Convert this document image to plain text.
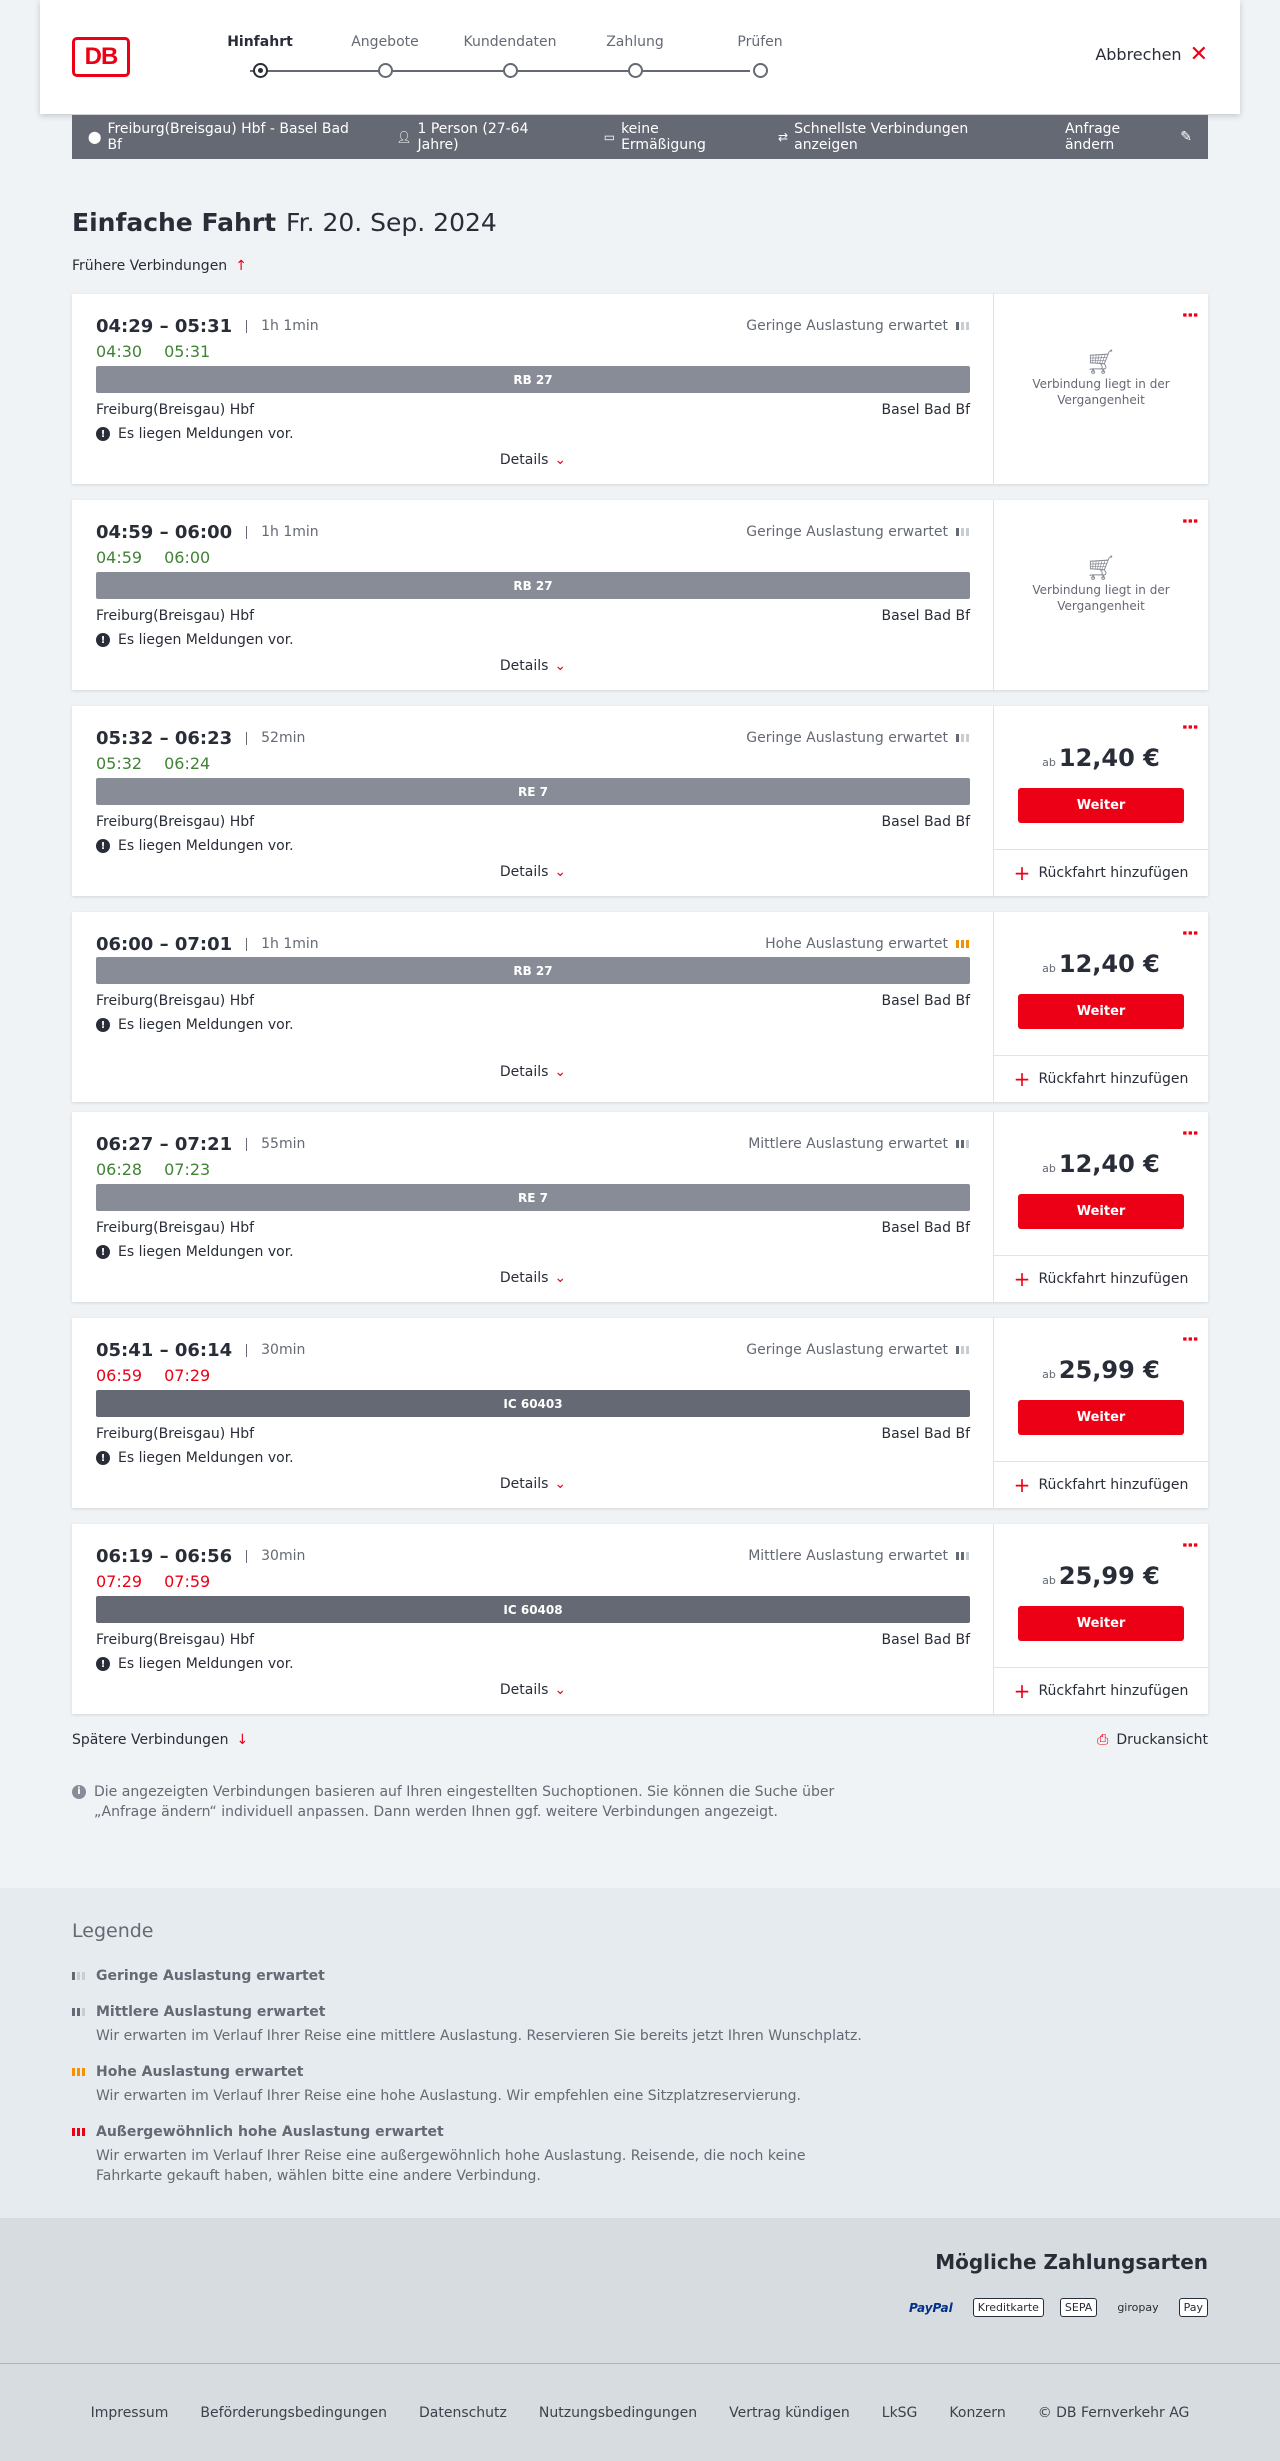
DB
Hinfahrt	Angebote	Kundendaten	Zahlung	Prüfen
Abbrechen ✕
⬤ Freiburg(Breisgau) Hbf - Basel Bad Bf	👤︎ 1 Person (27-64 Jahre)	▭ keine Ermäßigung	⇄ Schnellste Verbindungen anzeigen
Anfrage ändern	✎
Einfache Fahrt Fr. 20. Sep. 2024
Frühere Verbindungen ↑
04:29 – 05:31	1h 1min
04:30 05:31
Geringe Auslastung erwartet
RB 27
Freiburg(Breisgau) Hbf	Basel Bad Bf
! Es liegen Meldungen vor.
Details ⌄
⋮
🛒︎
Verbindung liegt in der Vergangenheit
04:59 – 06:00	1h 1min
04:59 06:00
Geringe Auslastung erwartet
RB 27
Freiburg(Breisgau) Hbf	Basel Bad Bf
! Es liegen Meldungen vor.
Details ⌄
⋮
🛒︎
Verbindung liegt in der Vergangenheit
05:32 – 06:23	52min
05:32 06:24
Geringe Auslastung erwartet
RE 7
Freiburg(Breisgau) Hbf	Basel Bad Bf
! Es liegen Meldungen vor.
Details ⌄
⋮
ab 12,40 €
Weiter
+ Rückfahrt hinzufügen
06:00 – 07:01	1h 1min	Hohe Auslastung erwartet
RB 27
Freiburg(Breisgau) Hbf	Basel Bad Bf
! Es liegen Meldungen vor.
Details ⌄
⋮
ab 12,40 €
Weiter
+ Rückfahrt hinzufügen
06:27 – 07:21	55min
06:28 07:23
Mittlere Auslastung erwartet
RE 7
Freiburg(Breisgau) Hbf	Basel Bad Bf
! Es liegen Meldungen vor.
Details ⌄
⋮
ab 12,40 €
Weiter
+ Rückfahrt hinzufügen
05:41 – 06:14	30min
06:59 07:29
Geringe Auslastung erwartet
IC 60403
Freiburg(Breisgau) Hbf	Basel Bad Bf
! Es liegen Meldungen vor.
Details ⌄
⋮
ab 25,99 €
Weiter
+ Rückfahrt hinzufügen
06:19 – 06:56	30min
07:29 07:59
Mittlere Auslastung erwartet
IC 60408
Freiburg(Breisgau) Hbf	Basel Bad Bf
! Es liegen Meldungen vor.
Details ⌄
⋮
ab 25,99 €
Weiter
+ Rückfahrt hinzufügen
Spätere Verbindungen ↓	⎙ Druckansicht
i Die angezeigten Verbindungen basieren auf Ihren eingestellten Suchoptionen. Sie können die Suche über „Anfrage ändern“ individuell anpassen. Dann werden Ihnen ggf. weitere Verbindungen angezeigt.
Legende
Geringe Auslastung erwartet
Mittlere Auslastung erwartet

Wir erwarten im Verlauf Ihrer Reise eine mittlere Auslastung. Reservieren Sie bereits jetzt Ihren Wunschplatz.

Hohe Auslastung erwartet

Wir erwarten im Verlauf Ihrer Reise eine hohe Auslastung. Wir empfehlen eine Sitzplatzreservierung.

Außergewöhnlich hohe Auslastung erwartet

Wir erwarten im Verlauf Ihrer Reise eine außergewöhnlich hohe Auslastung. Reisende, die noch keine Fahrkarte gekauft haben, wählen bitte eine andere Verbindung.

Mögliche Zahlungsarten
PayPal	Kreditkarte	SEPA	giropay	Pay
Impressum Beförderungsbedingungen Datenschutz Nutzungsbedingungen Vertrag kündigen LkSG Konzern © DB Fernverkehr AG
